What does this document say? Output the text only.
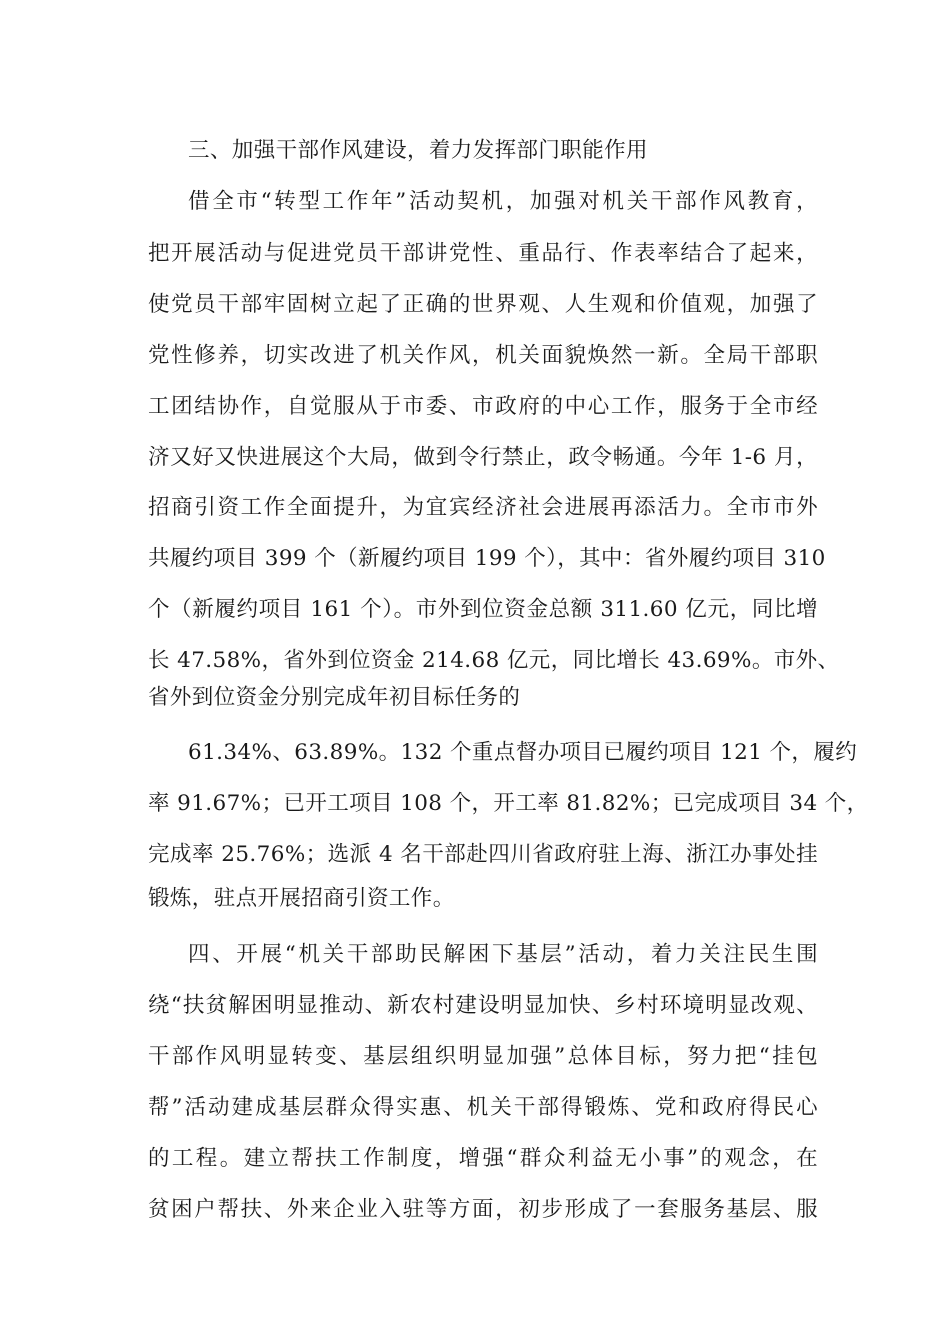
三、加强干部作风建设，着力发挥部门职能作用
借全市“转型工作年”活动契机，加强对机关干部作风教育，
把开展活动与促进党员干部讲党性、重品行、作表率结合了起来，
使党员干部牢固树立起了正确的世界观、人生观和价值观，加强了
党性修养，切实改进了机关作风，机关面貌焕然一新。全局干部职
工团结协作，自觉服从于市委、市政府的中心工作，服务于全市经
济又好又快进展这个大局，做到令行禁止，政令畅通。今年 1-6 月，
招商引资工作全面提升，为宜宾经济社会进展再添活力。全市市外
共履约项目 399 个（新履约项目 199 个），其中：省外履约项目 310
个（新履约项目 161 个）。市外到位资金总额 311.60 亿元，同比增
长 47.58%，省外到位资金 214.68 亿元，同比增长 43.69%。市外、
省外到位资金分别完成年初目标任务的
61.34%、63.89%。132 个重点督办项目已履约项目 121 个，履约
率 91.67%；已开工项目 108 个，开工率 81.82%；已完成项目 34 个，
完成率 25.76%；选派 4 名干部赴四川省政府驻上海、浙江办事处挂
锻炼，驻点开展招商引资工作。
四、开展“机关干部助民解困下基层”活动，着力关注民生围
绕“扶贫解困明显推动、新农村建设明显加快、乡村环境明显改观、
干部作风明显转变、基层组织明显加强”总体目标，努力把“挂包
帮”活动建成基层群众得实惠、机关干部得锻炼、党和政府得民心
的工程。建立帮扶工作制度，增强“群众利益无小事”的观念，在
贫困户帮扶、外来企业入驻等方面，初步形成了一套服务基层、服
